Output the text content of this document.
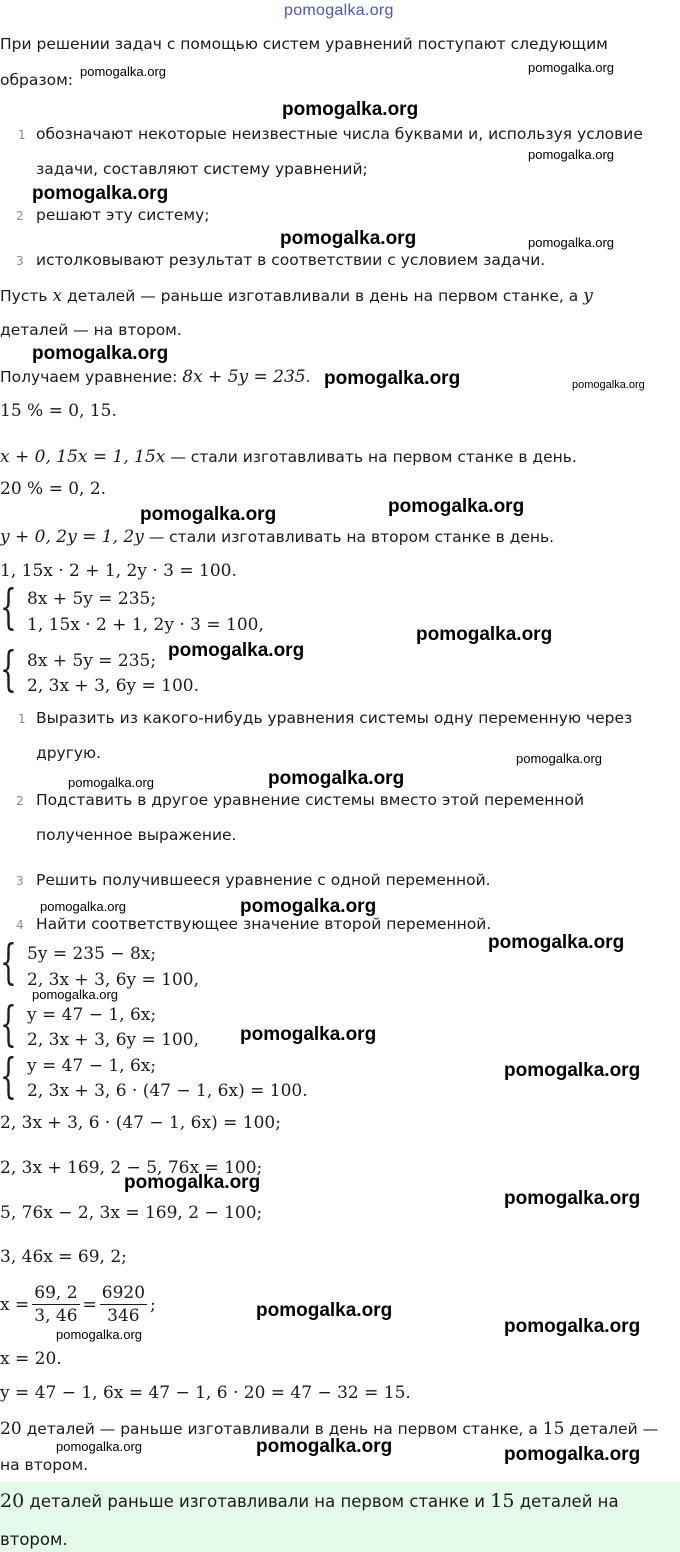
pomogalka.org
При решении задач с помощью систем уравнений поступают следующим
образом:
1 обозначают некоторые неизвестные числа буквами и, используя условие
задачи, составляют систему уравнений;
2 решают эту систему;
3 истолковывают результат в соответствии с условием задачи.
Пусть x деталей — раньше изготавливали в день на первом станке, а y
деталей — на втором.
Получаем уравнение: 8x + 5y = 235.
15 % = 0, 15.
x + 0, 15x = 1, 15x — стали изготавливать на первом станке в день.
20 % = 0, 2.
y + 0, 2y = 1, 2y — стали изготавливать на втором станке в день.
1, 15x · 2 + 1, 2y · 3 = 100.
{ 8x + 5y = 235;
1, 15x · 2 + 1, 2y · 3 = 100,
{ 8x + 5y = 235;
2, 3x + 3, 6y = 100.
1 Выразить из какого-нибудь уравнения системы одну переменную через
другую.
2 Подставить в другое уравнение системы вместо этой переменной
полученное выражение.
3 Решить получившееся уравнение с одной переменной.
4 Найти соответствующее значение второй переменной.
{ 5y = 235 − 8x;
2, 3x + 3, 6y = 100,
{
{
y = 47 − 1, 6x;
2, 3x + 3, 6y = 100,
y = 47 − 1, 6x;
2, 3x + 3, 6 · (47 − 1, 6x) = 100.
2, 3x + 3, 6 · (47 − 1, 6x) = 100;
2, 3x + 169, 2 − 5, 76x = 100;
5, 76x − 2, 3x = 169, 2 − 100;
3, 46x = 69, 2;
$x = \frac{69, 2}{3, 46} = \frac{6920}{346}$ ;
x = 20.
y = 47 − 1, 6x = 47 − 1, 6 · 20 = 47 − 32 = 15.
20 деталей — раньше изготавливали в день на первом станке, а 15 деталей —
на втором.
20 деталей раньше изготавливали на первом станке и 15 деталей на
втором.
pomogalka.org
pomogalka.org
pomogalka.org
pomogalka.org
pomogalka.org
pomogalka.org
pomogalka.org
pomogalka.org
pomogalka.org
pomogalka.org
pomogalka.org
pomogalka.org
pomogalka.org
pomogalka.org
pomogalka.org
pomogalka.org
pomogalka.org
pomogalka.org
pomogalka.org	pomogalka.org
pomogalka.org	pomogalka.org
pomogalka.org
pomogalka.org
pomogalka.org
pomogalka.org
pomogalka.org
pomogalka.org
pomogalka.org
pomogalka.org
pomogalka.org
